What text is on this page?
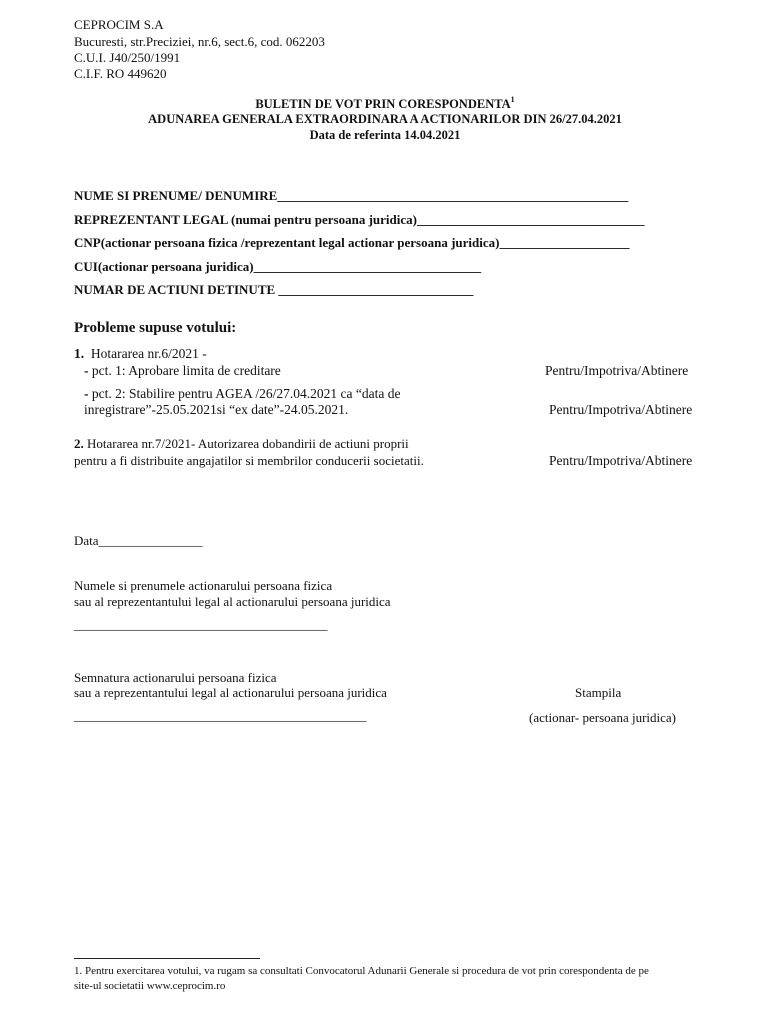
CEPROCIM S.A
Bucuresti, str.Preciziei, nr.6, sect.6, cod. 062203
C.U.I. J40/250/1991
C.I.F. RO 449620
BULETIN DE VOT PRIN CORESPONDENTA$^1$
ADUNAREA GENERALA EXTRAORDINARA A ACTIONARILOR DIN 26/27.04.2021
Data de referinta 14.04.2021
NUME SI PRENUME/ DENUMIRE______________________________________________________
REPREZENTANT LEGAL (numai pentru persoana juridica)___________________________________
CNP(actionar persoana fizica /reprezentant legal actionar persoana juridica)____________________
CUI(actionar persoana juridica)___________________________________
NUMAR DE ACTIUNI DETINUTE ______________________________
Probleme supuse votului:
1. Hotararea nr.6/2021 -
- pct. 1: Aprobare limita de creditare	Pentru/Impotriva/Abtinere
- pct. 2: Stabilire pentru AGEA /26/27.04.2021 ca “data de
inregistrare”-25.05.2021si “ex date”-24.05.2021.	Pentru/Impotriva/Abtinere
2. Hotararea nr.7/2021- Autorizarea dobandirii de actiuni proprii
pentru a fi distribuite angajatilor si membrilor conducerii societatii.	Pentru/Impotriva/Abtinere
Data________________
Numele si prenumele actionarului persoana fizica
sau al reprezentantului legal al actionarului persoana juridica
_______________________________________
Semnatura actionarului persoana fizica
sau a reprezentantului legal al actionarului persoana juridica	Stampila
_____________________________________________	(actionar- persoana juridica)
1. Pentru exercitarea votului, va rugam sa consultati Convocatorul Adunarii Generale si procedura de vot prin corespondenta de pe
site-ul societatii www.ceprocim.ro
